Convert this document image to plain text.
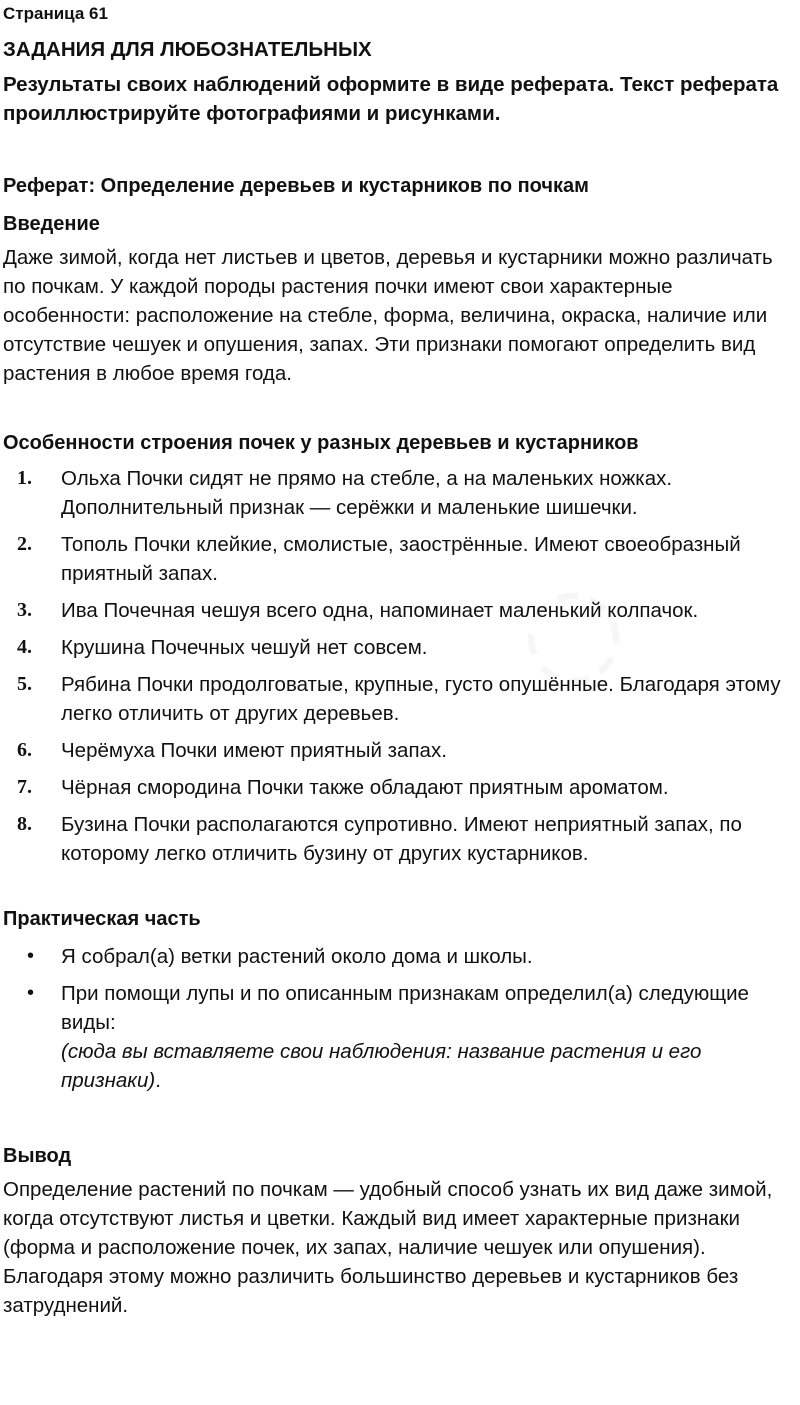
Страница 61
ЗАДАНИЯ ДЛЯ ЛЮБОЗНАТЕЛЬНЫХ
Результаты своих наблюдений оформите в виде реферата. Текст реферата проиллюстрируйте фотографиями и рисунками.
Реферат: Определение деревьев и кустарников по почкам
Введение
Даже зимой, когда нет листьев и цветов, деревья и кустарники можно различать по почкам. У каждой породы растения почки имеют свои характерные особенности: расположение на стебле, форма, величина, окраска, наличие или отсутствие чешуек и опушения, запах. Эти признаки помогают определить вид растения в любое время года.
Особенности строения почек у разных деревьев и кустарников
1. Ольха Почки сидят не прямо на стебле, а на маленьких ножках. Дополнительный признак — серёжки и маленькие шишечки.
2. Тополь Почки клейкие, смолистые, заострённые. Имеют своеобразный приятный запах.
3. Ива Почечная чешуя всего одна, напоминает маленький колпачок.
4. Крушина Почечных чешуй нет совсем.
5. Рябина Почки продолговатые, крупные, густо опушённые. Благодаря этому легко отличить от других деревьев.
6. Черёмуха Почки имеют приятный запах.
7. Чёрная смородина Почки также обладают приятным ароматом.
8. Бузина Почки располагаются супротивно. Имеют неприятный запах, по которому легко отличить бузину от других кустарников.
Практическая часть
• Я собрал(а) ветки растений около дома и школы.
• При помощи лупы и по описанным признакам определил(а) следующие виды:
(сюда вы вставляете свои наблюдения: название растения и его признаки).
Вывод
Определение растений по почкам — удобный способ узнать их вид даже зимой, когда отсутствуют листья и цветки. Каждый вид имеет характерные признаки (форма и расположение почек, их запах, наличие чешуек или опушения). Благодаря этому можно различить большинство деревьев и кустарников без затруднений.
